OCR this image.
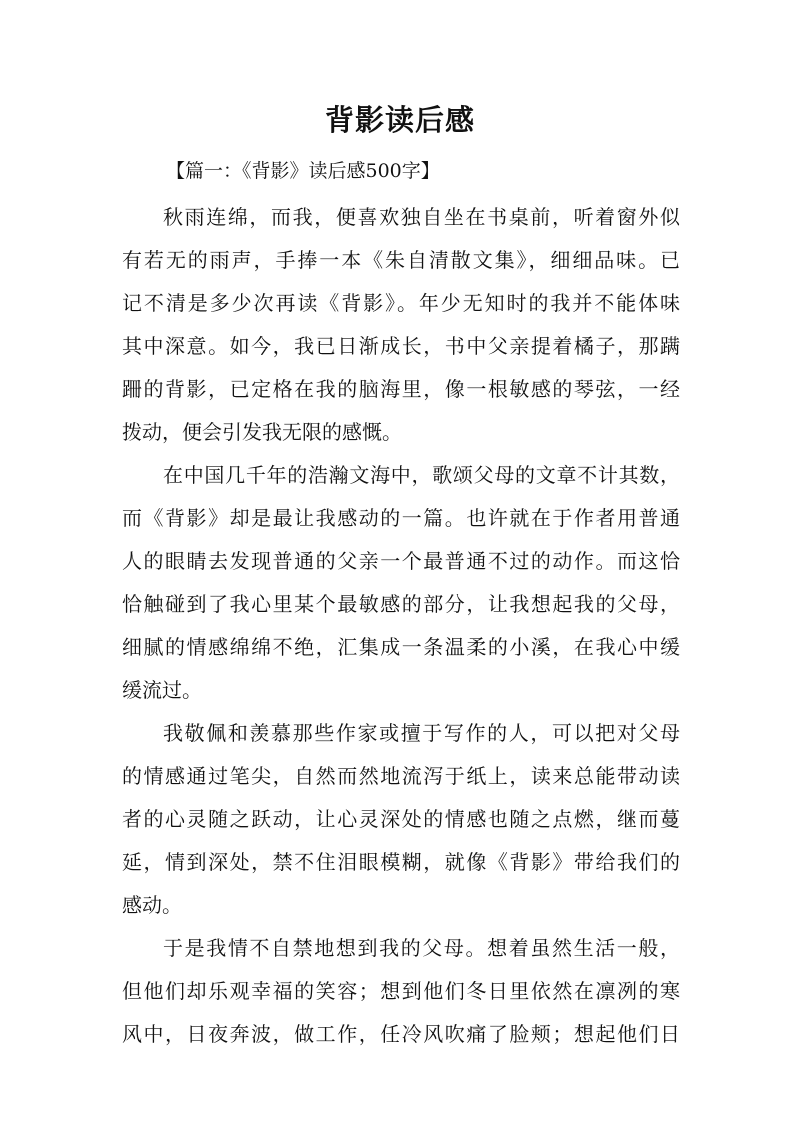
背影读后感
【篇一：《背影》读后感500字】
秋雨连绵，而我，便喜欢独自坐在书桌前，听着窗外似
有若无的雨声，手捧一本《朱自清散文集》，细细品味。已
记不清是多少次再读《背影》。年少无知时的我并不能体味
其中深意。如今，我已日渐成长，书中父亲提着橘子，那蹒
跚的背影，已定格在我的脑海里，像一根敏感的琴弦，一经
拨动，便会引发我无限的感慨。
在中国几千年的浩瀚文海中，歌颂父母的文章不计其数，
而《背影》却是最让我感动的一篇。也许就在于作者用普通
人的眼睛去发现普通的父亲一个最普通不过的动作。而这恰
恰触碰到了我心里某个最敏感的部分，让我想起我的父母，
细腻的情感绵绵不绝，汇集成一条温柔的小溪，在我心中缓
缓流过。
我敬佩和羡慕那些作家或擅于写作的人，可以把对父母
的情感通过笔尖，自然而然地流泻于纸上，读来总能带动读
者的心灵随之跃动，让心灵深处的情感也随之点燃，继而蔓
延，情到深处，禁不住泪眼模糊，就像《背影》带给我们的
感动。
于是我情不自禁地想到我的父母。想着虽然生活一般，
但他们却乐观幸福的笑容；想到他们冬日里依然在凛冽的寒
风中，日夜奔波，做工作，任冷风吹痛了脸颊；想起他们日
